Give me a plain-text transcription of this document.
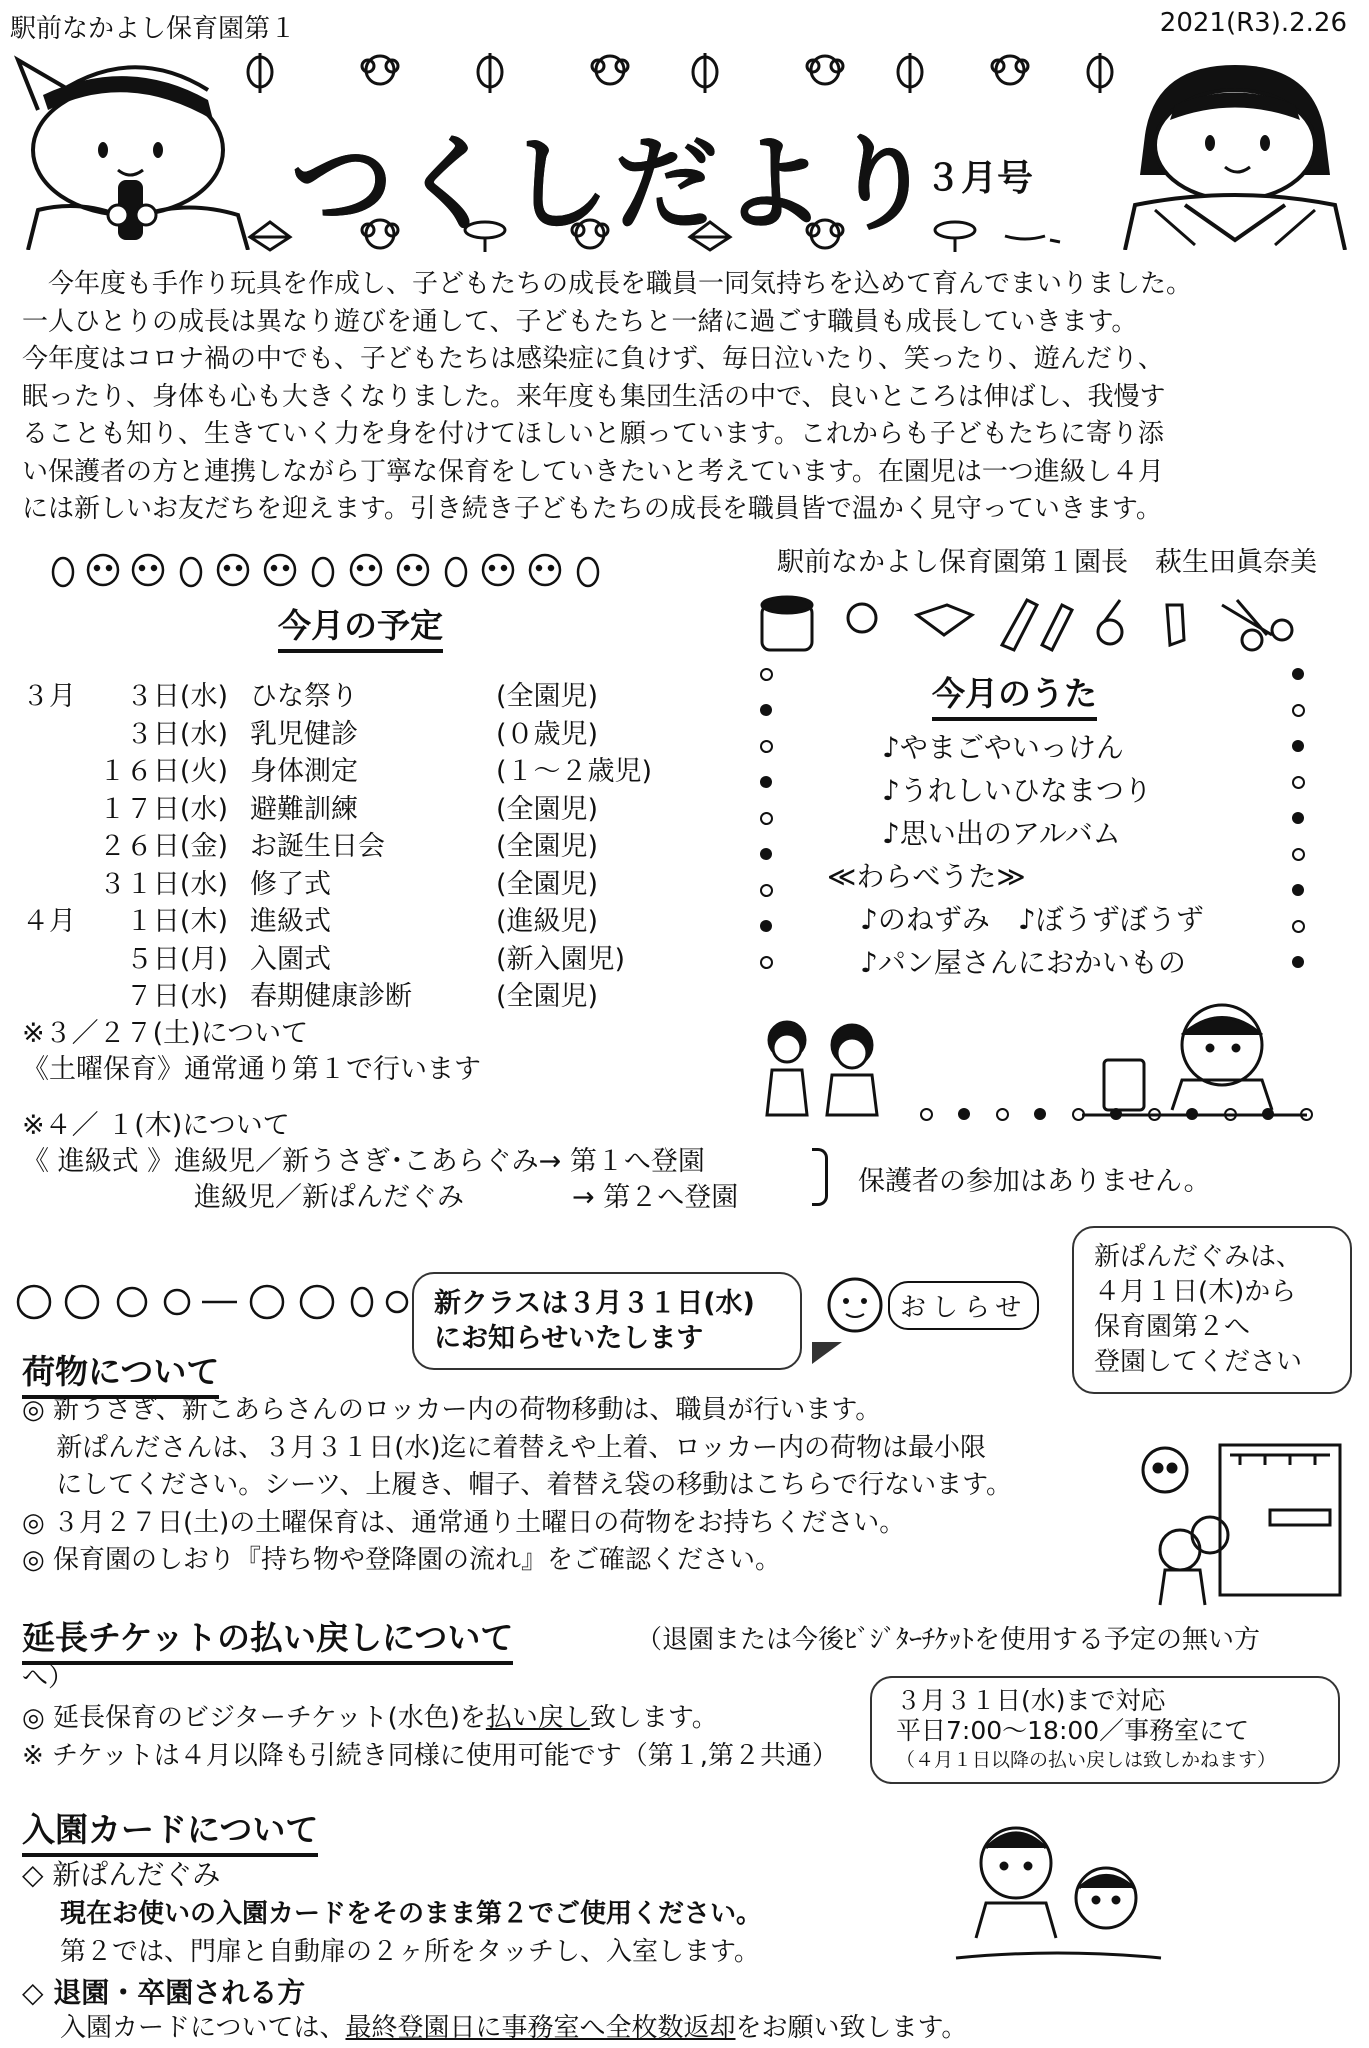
駅前なかよし保育園第１	2021(R3).2.26
つくしだより
３月号

　今年度も手作り玩具を作成し、子どもたちの成長を職員一同気持ちを込めて育んでまいりました。

一人ひとりの成長は異なり遊びを通して、子どもたちと一緒に過ごす職員も成長していきます。

今年度はコロナ禍の中でも、子どもたちは感染症に負けず、毎日泣いたり、笑ったり、遊んだり、

眠ったり、身体も心も大きくなりました。来年度も集団生活の中で、良いところは伸ばし、我慢す

ることも知り、生きていく力を身を付けてほしいと願っています。これからも子どもたちに寄り添

い保護者の方と連携しながら丁寧な保育をしていきたいと考えています。在園児は一つ進級し４月

には新しいお友だちを迎えます。引き続き子どもたちの成長を職員皆で温かく見守っていきます。

駅前なかよし保育園第１園長　萩生田眞奈美
今月の予定
３月	３日(水) ひな祭り	(全園児)
３日(水) 乳児健診	(０歳児)
１６日(火) 身体測定	(１～２歳児)
１７日(水) 避難訓練	(全園児)
２６日(金) お誕生日会	(全園児)
３１日(水) 修了式	(全園児)
４月	１日(木) 進級式	(進級児)
５日(月) 入園式	(新入園児)
７日(水) 春期健康診断	(全園児)
※３／２７(土)について
《土曜保育》通常通り第１で行います
※４／ １(木)について
《 進級式 》進級児／新うさぎ･こあらぐみ→ 第１へ登園
進級児／新ぱんだぐみ　　　　→ 第２へ登園
保護者の参加はありません。
今月のうた
♪やまごやいっけん
♪うれしいひなまつり
♪思い出のアルバム
≪わらべうた≫
♪のねずみ　♪ぼうずぼうず
♪パン屋さんにおかいもの
新クラスは３月３１日(水)
にお知らせいたします
おしらせ
新ぱんだぐみは、
４月１日(木)から
保育園第２へ
登園してください
荷物について
◎ 新うさぎ、新こあらさんのロッカー内の荷物移動は、職員が行います。
　 新ぱんださんは、３月３１日(水)迄に着替えや上着、ロッカー内の荷物は最小限
　 にしてください。シーツ、上履き、帽子、着替え袋の移動はこちらで行ないます。
◎ ３月２７日(土)の土曜保育は、通常通り土曜日の荷物をお持ちください。
◎ 保育園のしおり『持ち物や登降園の流れ』をご確認ください。
延長チケットの払い戻しについて	（退園または今後ﾋﾞｼﾞﾀｰﾁｹｯﾄを使用する予定の無い方
へ）
◎ 延長保育のビジターチケット(水色)を払い戻し致します。
※ チケットは４月以降も引続き同様に使用可能です（第１,第２共通）
３月３１日(水)まで対応
平日7:00～18:00／事務室にて
（４月１日以降の払い戻しは致しかねます）
入園カードについて
◇ 新ぱんだぐみ
現在お使いの入園カードをそのまま第２でご使用ください。
第２では、門扉と自動扉の２ヶ所をタッチし、入室します。
◇ 退園・卒園される方
入園カードについては、最終登園日に事務室へ全枚数返却をお願い致します。
